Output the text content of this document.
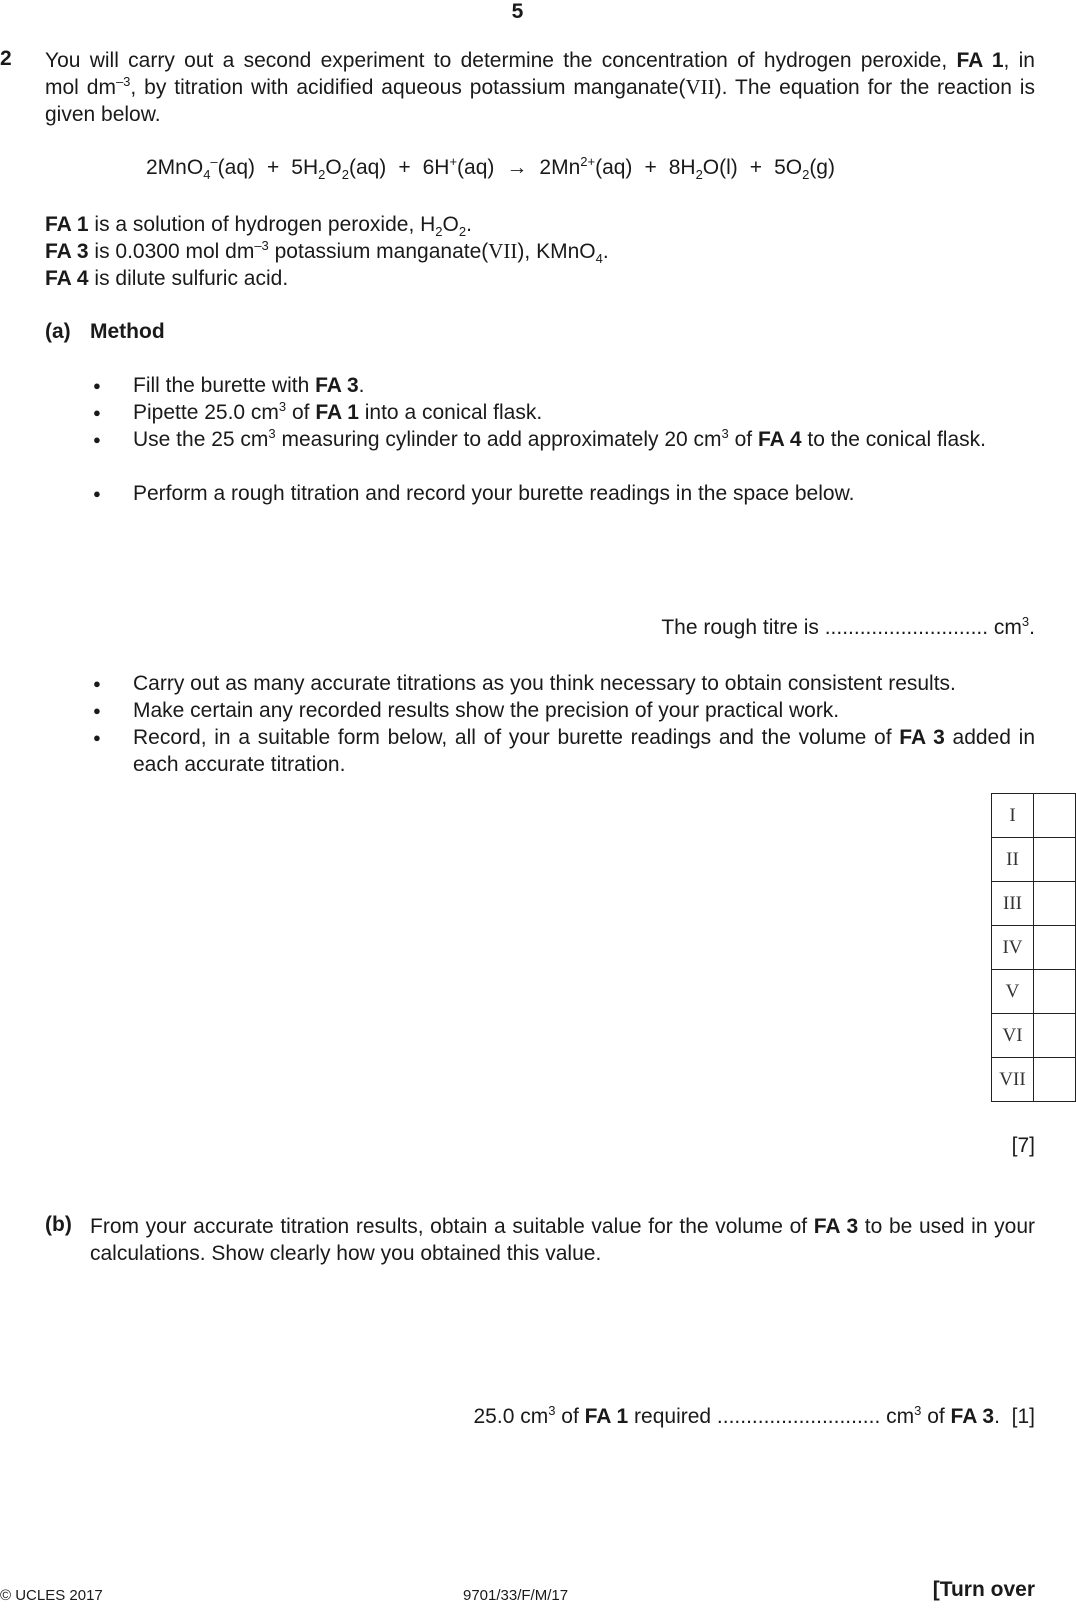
5
2 You will carry out a second experiment to determine the concentration of hydrogen peroxide, FA 1, in
mol $dm^{-3}$, by titration with acidified aqueous potassium manganate(VII). The equation for the reaction is given below.
$2MnO_4^-(aq) + 5H_2O_2(aq) + 6H^+(aq) \to 2Mn^{2+}(aq) + 8H_2O(l) + 5O_2(g)$
FA 1 is a solution of hydrogen peroxide, $H_2O_2$.
FA 3 is 0.0300 mol $dm^{-3}$ potassium manganate(VII), KMnO$_4$.
FA 4 is dilute sulfuric acid.
(a) Method
● Fill the burette with FA 3.
● Pipette 25.0 $cm^3$ of FA 1 into a conical flask.
● Use the 25 $cm^3$ measuring cylinder to add approximately 20 $cm^3$ of FA 4 to the conical flask.
● Perform a rough titration and record your burette readings in the space below.
The rough titre is ............................ $cm^3$.
● Carry out as many accurate titrations as you think necessary to obtain consistent results.
● Make certain any recorded results show the precision of your practical work.
● Record, in a suitable form below, all of your burette readings and the volume of FA 3 added in each accurate titration.
I	
II	
III	
IV	
V	
VI	
VII	
[7]
(b) From your accurate titration results, obtain a suitable value for the volume of FA 3 to be used in your calculations. Show clearly how you obtained this value.
25.0 $cm^3$ of FA 1 required ............................ $cm^3$ of FA 3. [1]
© UCLES 2017	9701/33/F/M/17	[Turn over
